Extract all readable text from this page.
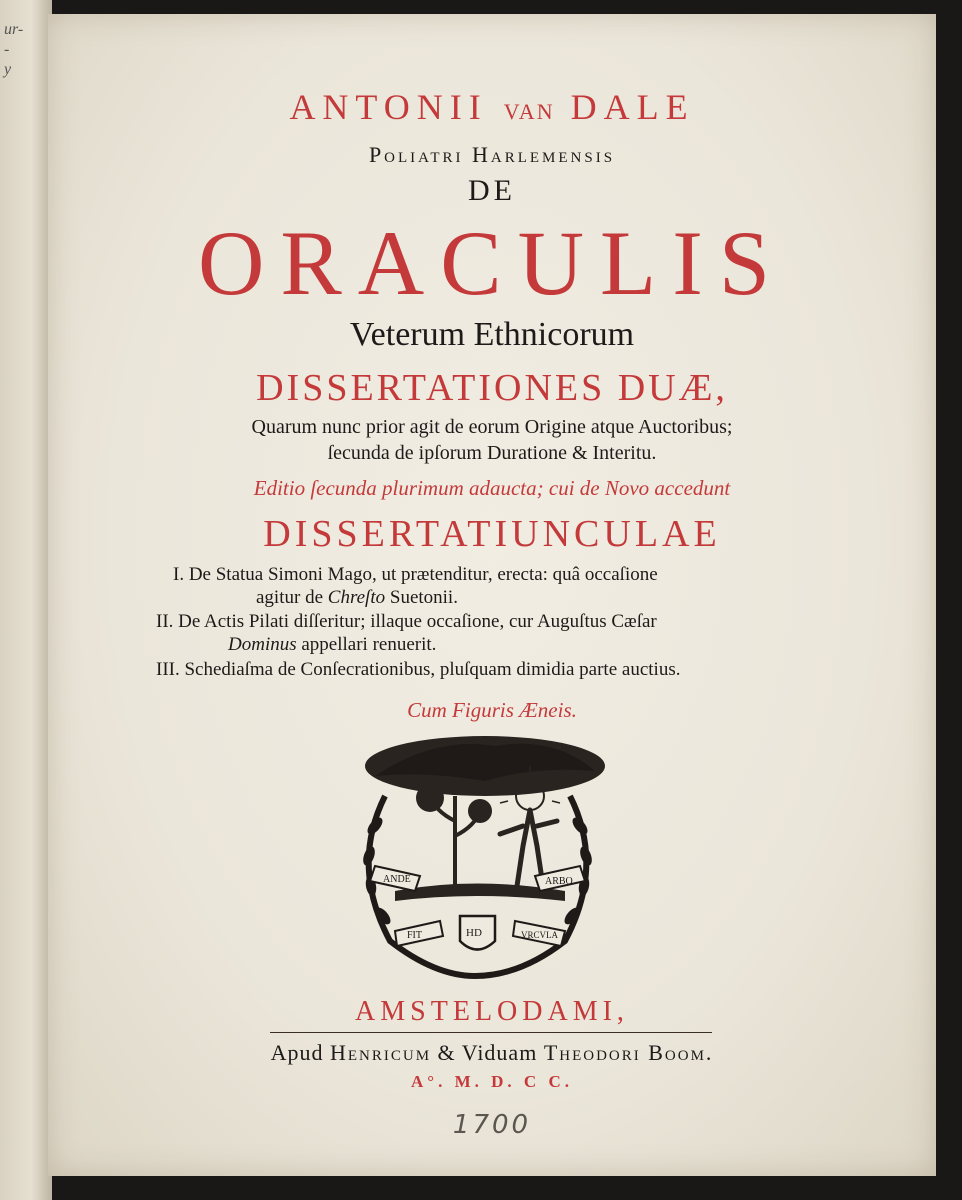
ur-
-
y
ANTONII VAN DALE
Poliatri Harlemensis
DE
ORACULIS
Veterum Ethnicorum
DISSERTATIONES DUÆ,
Quarum nunc prior agit de eorum Origine atque Auctoribus;
ſecunda de ipſorum Duratione & Interitu.
Editio ſecunda plurimum adaucta; cui de Novo accedunt
DISSERTATIUNCULAE
I. De Statua Simoni Mago, ut prætenditur, erecta: quâ occaſione
agitur de Chreſto Suetonii.
II. De Actis Pilati diſſeritur; illaque occaſione, cur Auguſtus Cæſar
Dominus appellari renuerit.
III. Schediaſma de Conſecrationibus, pluſquam dimidia parte auctius.
Cum Figuris Æneis.
ANDE	ARBO
FIT	VRCVLA
HD
AMSTELODAMI,
Apud Henricum & Viduam Theodori Boom.
A°. M. D. C C.
1700
